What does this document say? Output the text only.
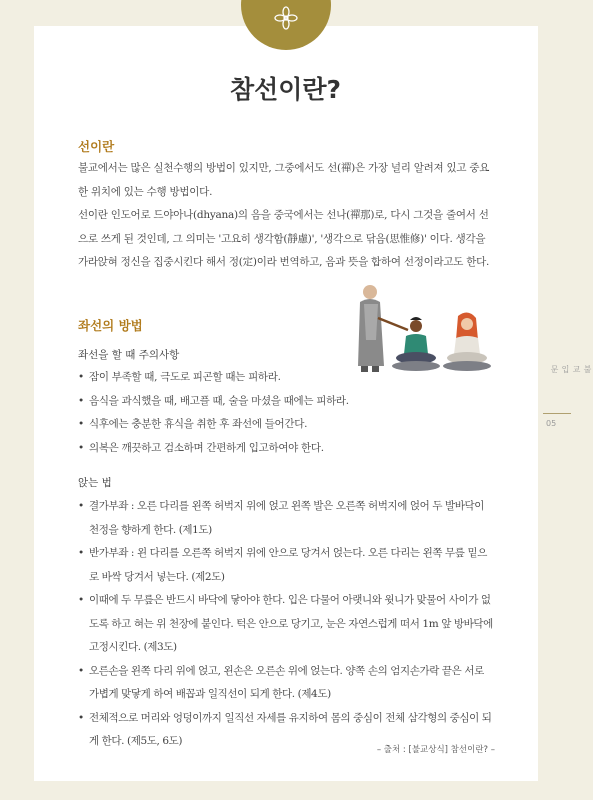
참선이란?
선이란

불교에서는 많은 실천수행의 방법이 있지만, 그중에서도 선(禪)은 가장 널리 알려져 있고 중요한 위치에 있는 수행 방법이다.

선이란 인도어로 드야아나(dhyana)의 음을 중국에서는 선나(禪那)로, 다시 그것을 줄여서 선으로 쓰게 된 것인데, 그 의미는 '고요히 생각함(靜慮)', '생각으로 닦음(思惟修)' 이다. 생각을 가라앉혀 정신을 집중시킨다 해서 정(定)이라 번역하고, 음과 뜻을 합하여 선정이라고도 한다.

좌선의 방법

좌선을 할 때 주의사항

• 잠이 부족할 때, 극도로 피곤할 때는 피하라.
• 음식을 과식했을 때, 배고플 때, 술을 마셨을 때에는 피하라.
• 식후에는 충분한 휴식을 취한 후 좌선에 들어간다.
• 의복은 깨끗하고 검소하며 간편하게 입고하여야 한다.

앉는 법

• 결가부좌 : 오른 다리를 왼쪽 허벅지 위에 얹고 왼쪽 발은 오른쪽 허벅지에 얹어 두 발바닥이 천정을 향하게 한다. (제1도)
• 반가부좌 : 왼 다리를 오른쪽 허벅지 위에 안으로 당겨서 얹는다. 오른 다리는 왼쪽 무릎 밑으로 바싹 당겨서 넣는다. (제2도)
• 이때에 두 무릎은 반드시 바닥에 닿아야 한다. 입은 다물어 아랫니와 윗니가 맞물어 사이가 없도록 하고 혀는 위 천장에 붙인다. 턱은 안으로 당기고, 눈은 자연스럽게 떠서 1m 앞 방바닥에 고정시킨다. (제3도)
• 오른손을 왼쪽 다리 위에 얹고, 왼손은 오른손 위에 얹는다. 양쪽 손의 엄지손가락 끝은 서로 가볍게 맞닿게 하여 배꼽과 일직선이 되게 한다. (제4도)
• 전체적으로 머리와 엉덩이까지 일직선 자세를 유지하여 몸의 중심이 전체 삼각형의 중심이 되게 한다. (제5도, 6도)

– 출처 : [불교상식] 참선이란? –

불교 입문
05
